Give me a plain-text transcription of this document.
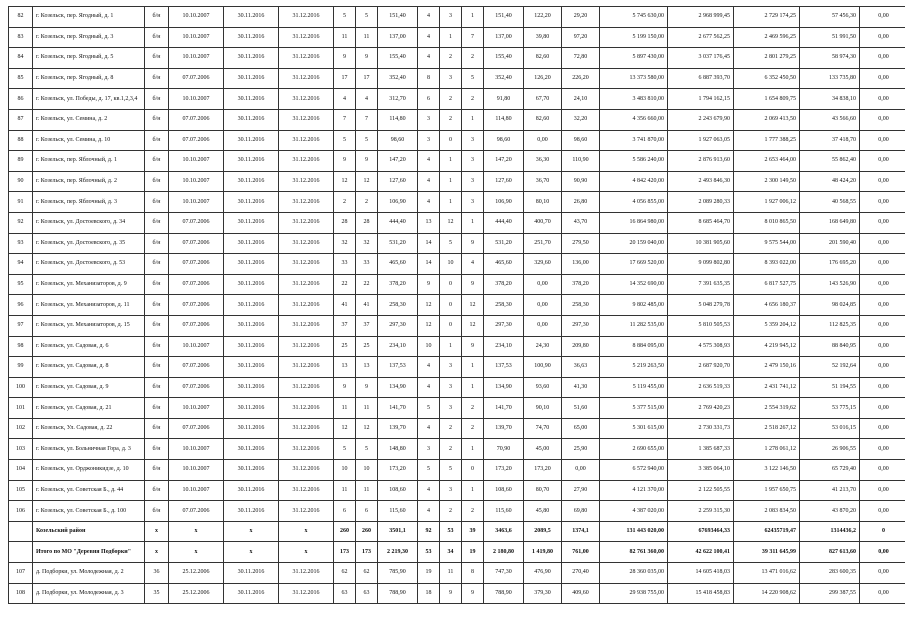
82	г. Козельск, пер. Ягодный, д. 1	б/н	10.10.2007	30.11.2016	31.12.2016	5	5	151,40	4	3	1	151,40	122,20	29,20	5 745 630,00	2 968 999,45	2 729 174,25	57 456,30	0,00
83	г. Козельск, пер. Ягодный, д. 3	б/н	10.10.2007	30.11.2016	31.12.2016	11	11	137,00	4	1	7	137,00	39,80	97,20	5 199 150,00	2 677 562,25	2 469 596,25	51 991,50	0,00
84	г. Козельск, пер. Ягодный, д. 5	б/н	10.10.2007	30.11.2016	31.12.2016	9	9	155,40	4	2	2	155,40	82,60	72,80	5 897 430,00	3 037 176,45	2 801 279,25	58 974,30	0,00
85	г. Козельск, пер. Ягодный, д. 8	б/н	07.07.2006	30.11.2016	31.12.2016	17	17	352,40	8	3	5	352,40	126,20	226,20	13 373 580,00	6 887 393,70	6 352 450,50	133 735,80	0,00
86	г. Козельск, ул. Победы, д. 17, кв.1,2,3,4	б/н	10.10.2007	30.11.2016	31.12.2016	4	4	312,70	6	2	2	91,80	67,70	24,10	3 483 810,00	1 794 162,15	1 654 809,75	34 838,10	0,00
87	г. Козельск, ул. Семина, д. 2	б/н	07.07.2006	30.11.2016	31.12.2016	7	7	114,80	3	2	1	114,80	82,60	32,20	4 356 660,00	2 243 679,90	2 069 413,50	43 566,60	0,00
88	г. Козельск, ул. Семина, д. 10	б/н	07.07.2006	30.11.2016	31.12.2016	5	5	98,60	3	0	3	98,60	0,00	98,60	3 741 870,00	1 927 063,05	1 777 388,25	37 418,70	0,00
89	г. Козельск, пер. Яблочный, д. 1	б/н	10.10.2007	30.11.2016	31.12.2016	9	9	147,20	4	1	3	147,20	36,30	110,90	5 586 240,00	2 876 913,60	2 653 464,00	55 862,40	0,00
90	г. Козельск, пер. Яблочный, д. 2	б/н	10.10.2007	30.11.2016	31.12.2016	12	12	127,60	4	1	3	127,60	36,70	90,90	4 842 420,00	2 493 846,30	2 300 149,50	48 424,20	0,00
91	г. Козельск, пер. Яблочный, д. 3	б/н	10.10.2007	30.11.2016	31.12.2016	2	2	106,90	4	1	3	106,90	80,10	26,80	4 056 855,00	2 089 280,33	1 927 006,12	40 568,55	0,00
92	г. Козельск, ул. Достоевского, д. 34	б/н	07.07.2006	30.11.2016	31.12.2016	28	28	444,40	13	12	1	444,40	400,70	43,70	16 864 980,00	8 685 464,70	8 010 865,50	168 649,80	0,00
93	г. Козельск, ул. Достоевского, д. 35	б/н	07.07.2006	30.11.2016	31.12.2016	32	32	531,20	14	5	9	531,20	251,70	279,50	20 159 040,00	10 381 905,60	9 575 544,00	201 590,40	0,00
94	г. Козельск, ул. Достоевского, д. 53	б/н	07.07.2006	30.11.2016	31.12.2016	33	33	465,60	14	10	4	465,60	329,60	136,00	17 669 520,00	9 099 802,80	8 393 022,00	176 695,20	0,00
95	г. Козельск, ул. Механизаторов, д. 9	б/н	07.07.2006	30.11.2016	31.12.2016	22	22	378,20	9	0	9	378,20	0,00	378,20	14 352 690,00	7 391 635,35	6 817 527,75	143 526,90	0,00
96	г. Козельск, ул. Механизаторов, д. 11	б/н	07.07.2006	30.11.2016	31.12.2016	41	41	258,30	12	0	12	258,30	0,00	258,30	9 802 485,00	5 048 279,78	4 656 180,37	98 024,85	0,00
97	г. Козельск, ул. Механизаторов, д. 15	б/н	07.07.2006	30.11.2016	31.12.2016	37	37	297,30	12	0	12	297,30	0,00	297,30	11 282 535,00	5 810 505,53	5 359 204,12	112 825,35	0,00
98	г. Козельск, ул. Садовая, д. 6	б/н	10.10.2007	30.11.2016	31.12.2016	25	25	234,10	10	1	9	234,10	24,30	209,80	8 884 095,00	4 575 308,93	4 219 945,12	88 840,95	0,00
99	г. Козельск, ул. Садовая, д. 8	б/н	07.07.2006	30.11.2016	31.12.2016	13	13	137,53	4	3	1	137,53	100,90	36,63	5 219 263,50	2 687 920,70	2 479 150,16	52 192,64	0,00
100	г. Козельск, ул. Садовая, д. 9	б/н	07.07.2006	30.11.2016	31.12.2016	9	9	134,90	4	3	1	134,90	93,60	41,30	5 119 455,00	2 636 519,33	2 431 741,12	51 194,55	0,00
101	г. Козельск, ул. Садовая, д. 21	б/н	10.10.2007	30.11.2016	31.12.2016	11	11	141,70	5	3	2	141,70	90,10	51,60	5 377 515,00	2 769 420,23	2 554 319,62	53 775,15	0,00
102	г. Козельск, Ул. Садовая, д. 22	б/н	07.07.2006	30.11.2016	31.12.2016	12	12	139,70	4	2	2	139,70	74,70	65,00	5 301 615,00	2 730 331,73	2 518 267,12	53 016,15	0,00
103	г. Козельск, ул. Больничная Гора, д. 3	б/н	10.10.2007	30.11.2016	31.12.2016	5	5	148,80	3	2	1	70,90	45,00	25,90	2 690 655,00	1 385 687,33	1 278 061,12	26 906,55	0,00
104	г. Козельск, ул. Орджоникидзе, д. 10	б/н	10.10.2007	30.11.2016	31.12.2016	10	10	173,20	5	5	0	173,20	173,20	0,00	6 572 940,00	3 385 064,10	3 122 146,50	65 729,40	0,00
105	г. Козельск, ул. Советская Б., д. 44	б/н	10.10.2007	30.11.2016	31.12.2016	11	11	108,60	4	3	1	108,60	80,70	27,90	4 121 370,00	2 122 505,55	1 957 650,75	41 213,70	0,00
106	г. Козельск, ул. Советская Б., д. 100	б/н	07.07.2006	30.11.2016	31.12.2016	6	6	115,60	4	2	2	115,60	45,80	69,80	4 387 020,00	2 259 315,30	2 083 834,50	43 870,20	0,00
	Козельский район	x	x	x	x	260	260	3501,1	92	53	39	3463,6	2089,5	1374,1	131 443 020,00	67693464,33	62435719,47	1314436,2	0
	Итого по МО "Деревня Подборки"	x	x	x	x	173	173	2 219,30	53	34	19	2 180,80	1 419,80	761,00	82 761 360,00	42 622 100,41	39 311 645,99	827 613,60	0,00
107	д. Подборки, ул. Молодежная, д. 2	36	25.12.2006	30.11.2016	31.12.2016	62	62	785,90	19	11	8	747,30	476,90	270,40	28 360 035,00	14 605 418,03	13 471 016,62	283 600,35	0,00
108	д. Подборки, ул. Молодежная, д. 3	35	25.12.2006	30.11.2016	31.12.2016	63	63	788,90	18	9	9	788,90	379,30	409,60	29 938 755,00	15 418 458,83	14 220 908,62	299 387,55	0,00
